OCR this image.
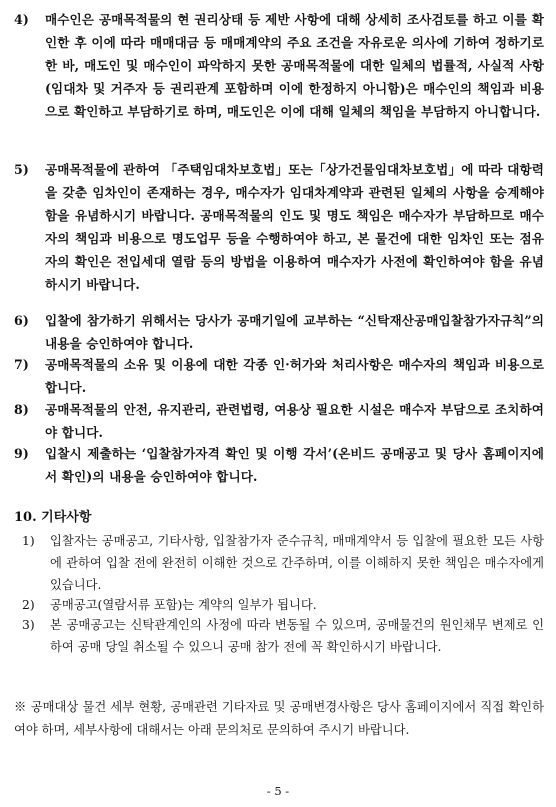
4) 매수인은 공매목적물의 현 권리상태 등 제반 사항에 대해 상세히 조사검토를 하고 이를 확인한 후 이에 따라 매매대금 등 매매계약의 주요 조건을 자유로운 의사에 기하여 정하기로 한 바, 매도인 및 매수인이 파악하지 못한 공매목적물에 대한 일체의 법률적, 사실적 사항(임대차 및 거주자 등 권리관계 포함하며 이에 한정하지 아니함)은 매수인의 책임과 비용으로 확인하고 부담하기로 하며, 매도인은 이에 대해 일체의 책임을 부담하지 아니합니다.
5) 공매목적물에 관하여 「주택임대차보호법」또는「상가건물임대차보호법」에 따라 대항력을 갖춘 임차인이 존재하는 경우, 매수자가 임대차계약과 관련된 일체의 사항을 승계해야 함을 유념하시기 바랍니다. 공매목적물의 인도 및 명도 책임은 매수자가 부담하므로 매수자의 책임과 비용으로 명도업무 등을 수행하여야 하고, 본 물건에 대한 임차인 또는 점유자의 확인은 전입세대 열람 등의 방법을 이용하여 매수자가 사전에 확인하여야 함을 유념하시기 바랍니다.
6) 입찰에 참가하기 위해서는 당사가 공매기일에 교부하는 “신탁재산공매입찰참가자규칙”의 내용을 승인하여야 합니다.
7) 공매목적물의 소유 및 이용에 대한 각종 인·허가와 처리사항은 매수자의 책임과 비용으로 합니다.
8) 공매목적물의 안전, 유지관리, 관련법령, 여용상 필요한 시설은 매수자 부담으로 조치하여야 합니다.
9) 입찰시 제출하는 ‘입찰참가자격 확인 및 이행 각서’(온비드 공매공고 및 당사 홈페이지에서 확인)의 내용을 승인하여야 합니다.
10. 기타사항
1) 입찰자는 공매공고, 기타사항, 입찰참가자 준수규칙, 매매계약서 등 입찰에 필요한 모든 사항에 관하여 입찰 전에 완전히 이해한 것으로 간주하며, 이를 이해하지 못한 책임은 매수자에게 있습니다.
2) 공매공고(열람서류 포함)는 계약의 일부가 됩니다.
3) 본 공매공고는 신탁관계인의 사정에 따라 변동될 수 있으며, 공매물건의 원인채무 변제로 인하여 공매 당일 취소될 수 있으니 공매 참가 전에 꼭 확인하시기 바랍니다.
※ 공매대상 물건 세부 현황, 공매관련 기타자료 및 공매변경사항은 당사 홈페이지에서 직접 확인하여야 하며, 세부사항에 대해서는 아래 문의처로 문의하여 주시기 바랍니다.
- 5 -
